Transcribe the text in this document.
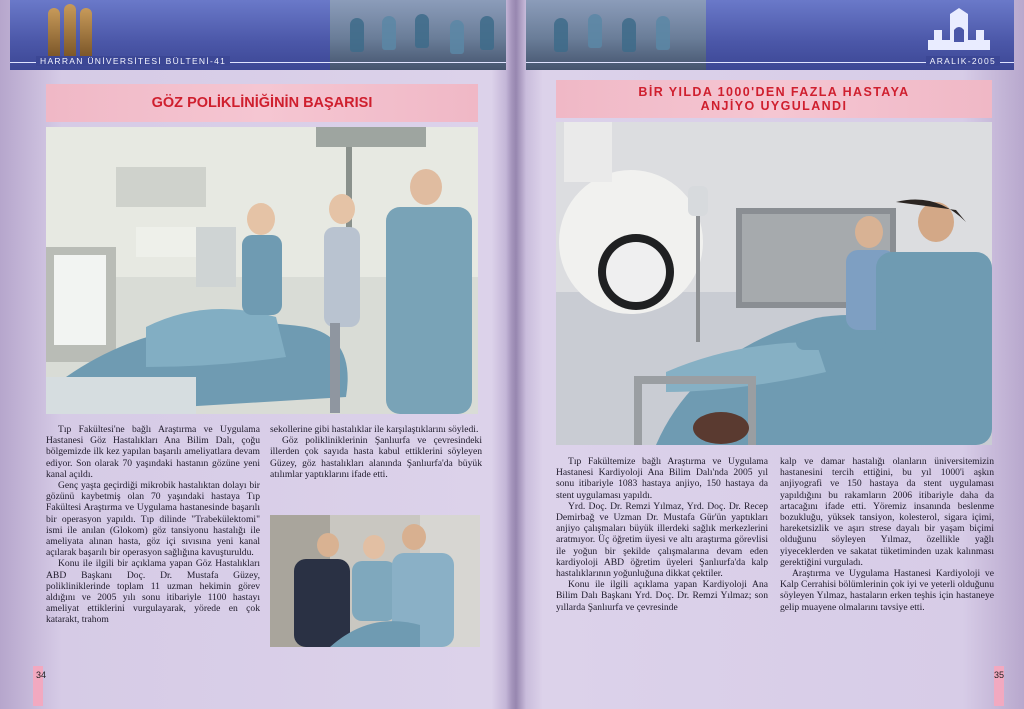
HARRAN ÜNİVERSİTESİ BÜLTENİ-41	ARALIK-2005
GÖZ POLİKLİNİĞİNİN BAŞARISI

Tıp Fakültesi'ne bağlı Araştırma ve Uygulama Hastanesi Göz Hastalıkları Ana Bilim Dalı, çoğu bölgemizde ilk kez yapılan başarılı ameliyatlara devam ediyor. Son olarak 70 yaşındaki hastanın gözüne yeni kanal açıldı.

Genç yaşta geçirdiği mikrobik hastalıktan dolayı bir gözünü kaybetmiş olan 70 yaşındaki hastaya Tıp Fakültesi Araştırma ve Uygulama hastanesinde başarılı bir operasyon yapıldı. Tıp dilinde "Trabekülektomi" ismi ile anılan (Glokom) göz tansiyonu hastalığı ile ameliyata alınan hasta, göz içi sıvısına yeni kanal açılarak başarılı bir operasyon sağlığına kavuşturuldu.

Konu ile ilgili bir açıklama yapan Göz Hastalıkları ABD Başkanı Doç. Dr. Mustafa Güzey, polikliniklerinde toplam 11 uzman hekimin görev aldığını ve 2005 yılı sonu itibariyle 1100 hastayı ameliyat ettiklerini vurgulayarak, yörede en çok katarakt, trahom

sekollerine gibi hastalıklar ile karşılaştıklarını söyledi.

Göz polikliniklerinin Şanlıurfa ve çevresindeki illerden çok sayıda hasta kabul ettiklerini söyleyen Güzey, göz hastalıkları alanında Şanlıurfa'da büyük atılımlar yaptıklarını ifade etti.

34
BİR YILDA 1000'DEN FAZLA HASTAYA
ANJİYO UYGULANDI

Tıp Fakültemize bağlı Araştırma ve Uygulama Hastanesi Kardiyoloji Ana Bilim Dalı'nda 2005 yıl sonu itibariyle 1083 hastaya anjiyo, 150 hastaya da stent uygulaması yapıldı.

Yrd. Doç. Dr. Remzi Yılmaz, Yrd. Doç. Dr. Recep Demirbağ ve Uzman Dr. Mustafa Gür'ün yaptıkları anjiyo çalışmaları büyük illerdeki sağlık merkezlerini aratmıyor. Üç öğretim üyesi ve altı araştırma görevlisi ile yoğun bir şekilde çalışmalarına devam eden kardiyoloji ABD öğretim üyeleri Şanlıurfa'da kalp hastalıklarının yoğunluğuna dikkat çektiler.

Konu ile ilgili açıklama yapan Kardiyoloji Ana Bilim Dalı Başkanı Yrd. Doç. Dr. Remzi Yılmaz; son yıllarda Şanlıurfa ve çevresinde

kalp ve damar hastalığı olanların üniversitemizin hastanesini tercih ettiğini, bu yıl 1000'i aşkın anjiyografi ve 150 hastaya da stent uygulaması yapıldığını bu rakamların 2006 itibariyle daha da artacağını ifade etti. Yöremiz insanında beslenme bozukluğu, yüksek tansiyon, kolesterol, sigara içimi, hareketsizlik ve aşırı strese dayalı bir yaşam biçimi olduğunu söyleyen Yılmaz, özellikle yağlı yiyeceklerden ve sakatat tüketiminden uzak kalınması gerektiğini vurguladı.

Araştırma ve Uygulama Hastanesi Kardiyoloji ve Kalp Cerrahisi bölümlerinin çok iyi ve yeterli olduğunu söyleyen Yılmaz, hastaların erken teşhis için hastaneye gelip muayene olmalarını tavsiye etti.

35
